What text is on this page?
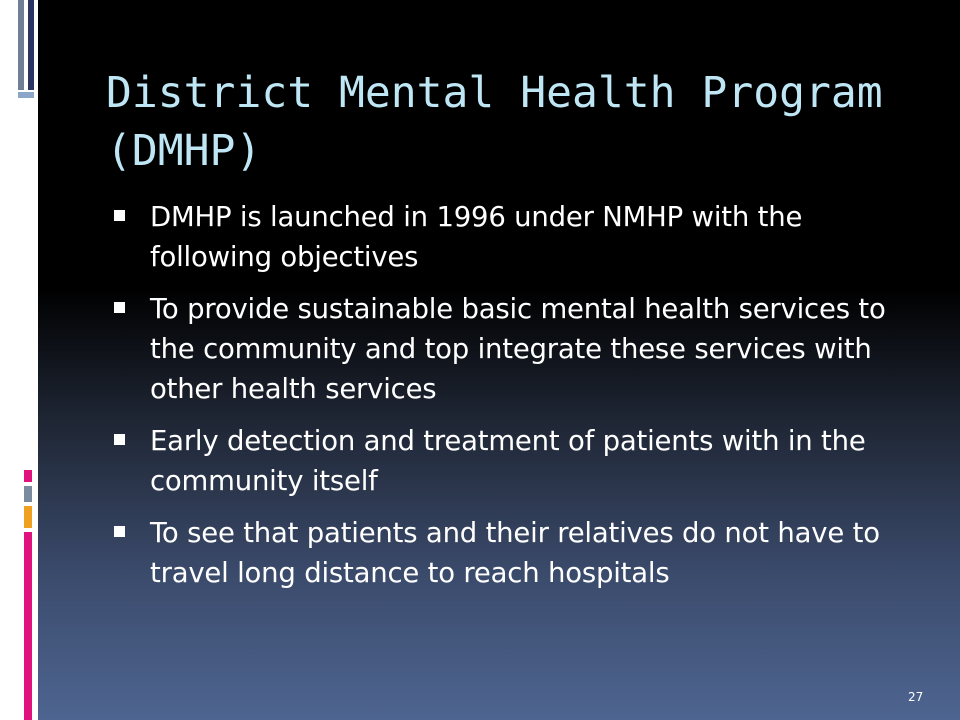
District Mental Health Program (DMHP)
DMHP is launched in 1996 under NMHP with the following objectives
To provide sustainable basic mental health services to the community and top integrate these services with other health services
Early detection and treatment of patients with in the community itself
To see that patients and their relatives do not have to travel long distance to reach hospitals
27
